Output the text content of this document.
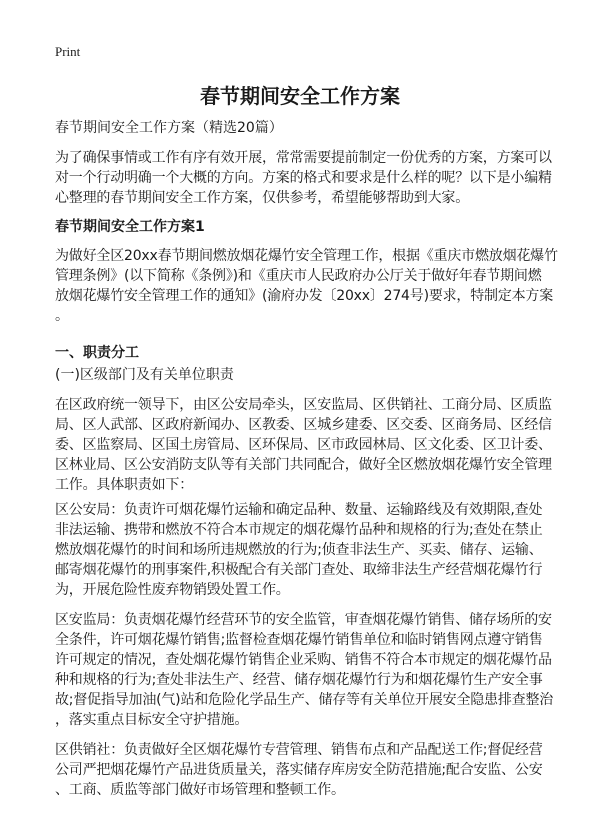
Print
春节期间安全工作方案
春节期间安全工作方案（精选20篇）
为了确保事情或工作有序有效开展，常常需要提前制定一份优秀的方案，方案可以
对一个行动明确一个大概的方向。方案的格式和要求是什么样的呢？以下是小编精
心整理的春节期间安全工作方案，仅供参考，希望能够帮助到大家。
春节期间安全工作方案1
为做好全区20xx春节期间燃放烟花爆竹安全管理工作，根据《重庆市燃放烟花爆竹
管理条例》(以下简称《条例》)和《重庆市人民政府办公厅关于做好年春节期间燃
放烟花爆竹安全管理工作的通知》(渝府办发〔20xx〕274号)要求，特制定本方案
。
一、职责分工
(一)区级部门及有关单位职责
在区政府统一领导下，由区公安局牵头，区安监局、区供销社、工商分局、区质监
局、区人武部、区政府新闻办、区教委、区城乡建委、区交委、区商务局、区经信
委、区监察局、区国土房管局、区环保局、区市政园林局、区文化委、区卫计委、
区林业局、区公安消防支队等有关部门共同配合，做好全区燃放烟花爆竹安全管理
工作。具体职责如下：
区公安局：负责许可烟花爆竹运输和确定品种、数量、运输路线及有效期限,查处
非法运输、携带和燃放不符合本市规定的烟花爆竹品种和规格的行为;查处在禁止
燃放烟花爆竹的时间和场所违规燃放的行为;侦查非法生产、买卖、储存、运输、
邮寄烟花爆竹的刑事案件,积极配合有关部门查处、取缔非法生产经营烟花爆竹行
为，开展危险性废弃物销毁处置工作。
区安监局：负责烟花爆竹经营环节的安全监管，审查烟花爆竹销售、储存场所的安
全条件，许可烟花爆竹销售;监督检查烟花爆竹销售单位和临时销售网点遵守销售
许可规定的情况，查处烟花爆竹销售企业采购、销售不符合本市规定的烟花爆竹品
种和规格的行为;查处非法生产、经营、储存烟花爆竹行为和烟花爆竹生产安全事
故;督促指导加油(气)站和危险化学品生产、储存等有关单位开展安全隐患排查整治
，落实重点目标安全守护措施。
区供销社：负责做好全区烟花爆竹专营管理、销售布点和产品配送工作;督促经营
公司严把烟花爆竹产品进货质量关，落实储存库房安全防范措施;配合安监、公安
、工商、质监等部门做好市场管理和整顿工作。
